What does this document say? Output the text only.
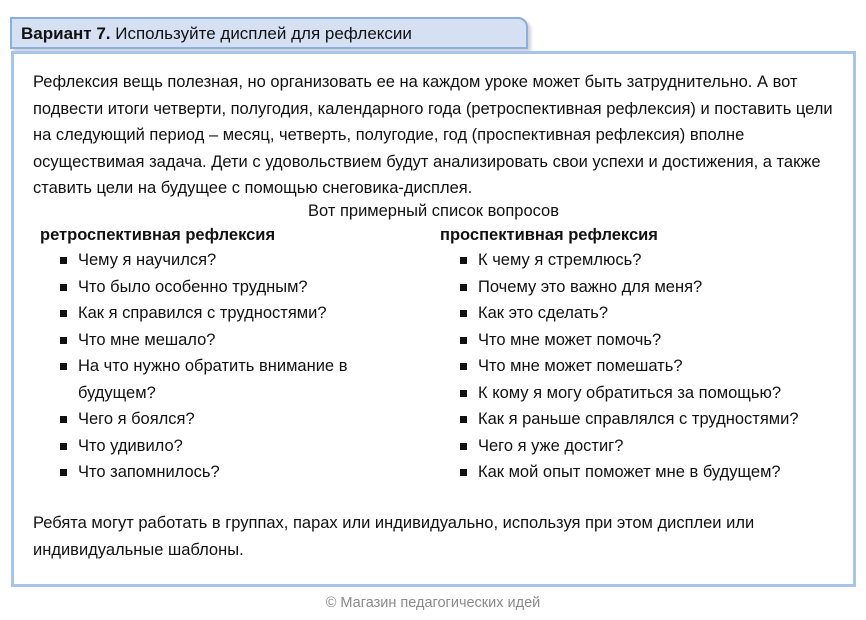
Вариант 7. Используйте дисплей для рефлексии

Рефлексия вещь полезная, но организовать ее на каждом уроке может быть затруднительно. А вот подвести итоги четверти, полугодия, календарного года (ретроспективная рефлексия) и поставить цели на следующий период – месяц, четверть, полугодие, год (проспективная рефлексия) вполне осуществимая задача. Дети с удовольствием будут анализировать свои успехи и достижения, а также ставить цели на будущее с помощью снеговика-дисплея.

Вот примерный список вопросов
ретроспективная рефлексия
Чему я научился?
Что было особенно трудным?
Как я справился с трудностями?
Что мне мешало?
На что нужно обратить внимание в будущем?
Чего я боялся?
Что удивило?
Что запомнилось?
проспективная рефлексия
К чему я стремлюсь?
Почему это важно для меня?
Как это сделать?
Что мне может помочь?
Что мне может помешать?
К кому я могу обратиться за помощью?
Как я раньше справлялся с трудностями?
Чего я уже достиг?
Как мой опыт поможет мне в будущем?

Ребята могут работать в группах, парах или индивидуально, используя при этом дисплеи или индивидуальные шаблоны.

© Магазин педагогических идей
